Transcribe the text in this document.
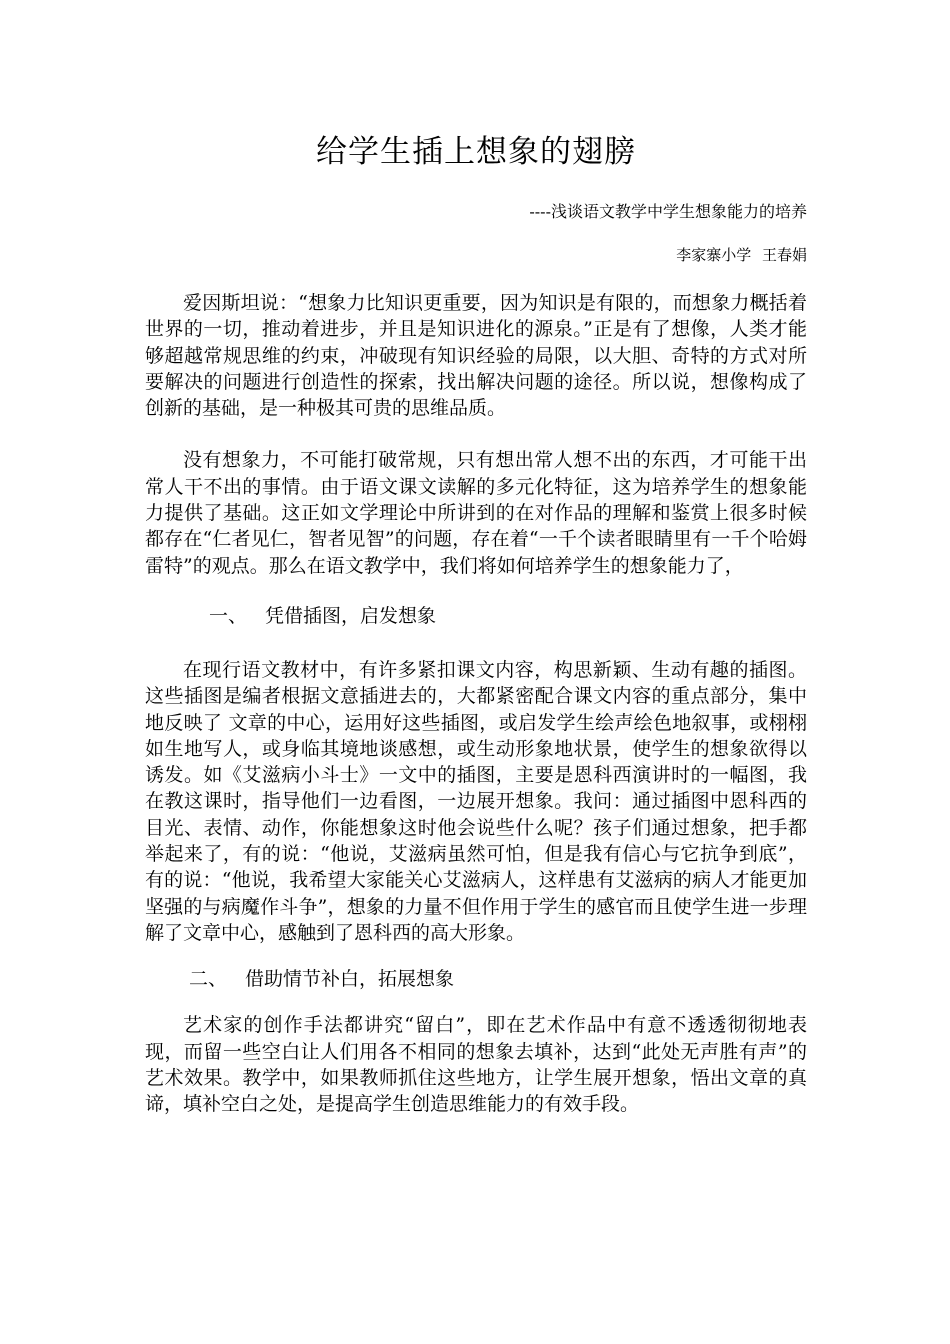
给学生插上想象的翅膀
----浅谈语文教学中学生想象能力的培养
李家寨小学 王春娟

爱因斯坦说：“想象力比知识更重要，因为知识是有限的，而想象力概括着世界的一切，推动着进步，并且是知识进化的源泉。”正是有了想像，人类才能够超越常规思维的约束，冲破现有知识经验的局限，以大胆、奇特的方式对所要解决的问题进行创造性的探索，找出解决问题的途径。所以说，想像构成了创新的基础，是一种极其可贵的思维品质。

没有想象力，不可能打破常规，只有想出常人想不出的东西，才可能干出常人干不出的事情。由于语文课文读解的多元化特征，这为培养学生的想象能力提供了基础。这正如文学理论中所讲到的在对作品的理解和鉴赏上很多时候都存在“仁者见仁，智者见智”的问题，存在着“一千个读者眼睛里有一千个哈姆雷特”的观点。那么在语文教学中，我们将如何培养学生的想象能力了，

一、 凭借插图，启发想象

在现行语文教材中，有许多紧扣课文内容，构思新颖、生动有趣的插图。这些插图是编者根据文意插进去的，大都紧密配合课文内容的重点部分，集中地反映了 文章的中心，运用好这些插图，或启发学生绘声绘色地叙事，或栩栩如生地写人，或身临其境地谈感想，或生动形象地状景，使学生的想象欲得以诱发。如《艾滋病小斗士》一文中的插图，主要是恩科西演讲时的一幅图，我在教这课时，指导他们一边看图，一边展开想象。我问：通过插图中恩科西的目光、表情、动作，你能想象这时他会说些什么呢？孩子们通过想象，把手都举起来了，有的说：“他说，艾滋病虽然可怕，但是我有信心与它抗争到底”，有的说：“他说，我希望大家能关心艾滋病人，这样患有艾滋病的病人才能更加坚强的与病魔作斗争”，想象的力量不但作用于学生的感官而且使学生进一步理解了文章中心，感触到了恩科西的高大形象。

二、 借助情节补白，拓展想象

艺术家的创作手法都讲究“留白”，即在艺术作品中有意不透透彻彻地表现，而留一些空白让人们用各不相同的想象去填补，达到“此处无声胜有声”的艺术效果。教学中，如果教师抓住这些地方，让学生展开想象，悟出文章的真谛，填补空白之处，是提高学生创造思维能力的有效手段。
